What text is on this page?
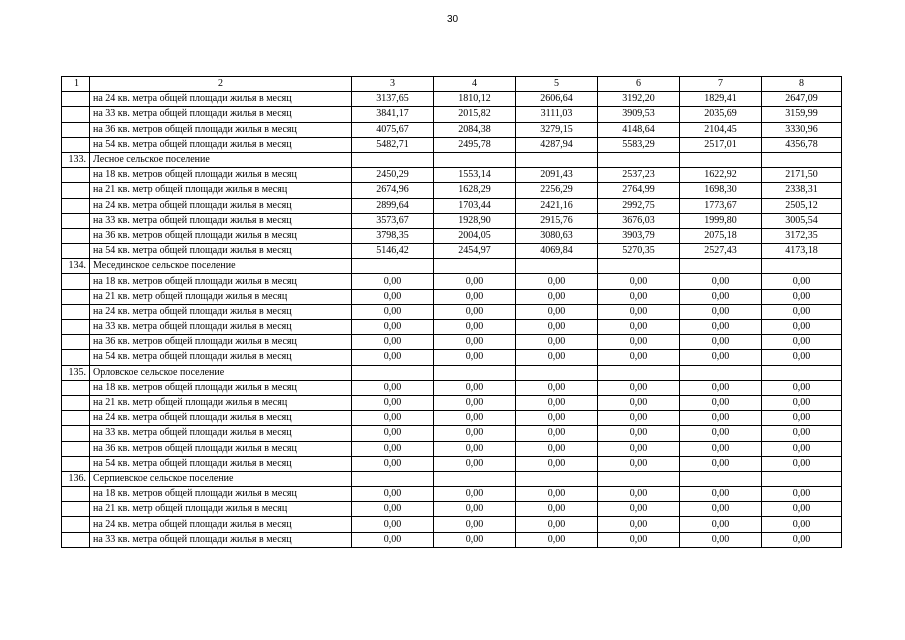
30
1	2	3	4	5	6	7	8
	на 24 кв. метра общей площади жилья в месяц	3137,65	1810,12	2606,64	3192,20	1829,41	2647,09
	на 33 кв. метра общей площади жилья в месяц	3841,17	2015,82	3111,03	3909,53	2035,69	3159,99
	на 36 кв. метров общей площади жилья в месяц	4075,67	2084,38	3279,15	4148,64	2104,45	3330,96
	на 54 кв. метра общей площади жилья в месяц	5482,71	2495,78	4287,94	5583,29	2517,01	4356,78
133.	Лесное сельское поселение						
	на 18 кв. метров общей площади жилья в месяц	2450,29	1553,14	2091,43	2537,23	1622,92	2171,50
	на 21 кв. метр общей площади жилья в месяц	2674,96	1628,29	2256,29	2764,99	1698,30	2338,31
	на 24 кв. метра общей площади жилья в месяц	2899,64	1703,44	2421,16	2992,75	1773,67	2505,12
	на 33 кв. метра общей площади жилья в месяц	3573,67	1928,90	2915,76	3676,03	1999,80	3005,54
	на 36 кв. метров общей площади жилья в месяц	3798,35	2004,05	3080,63	3903,79	2075,18	3172,35
	на 54 кв. метра общей площади жилья в месяц	5146,42	2454,97	4069,84	5270,35	2527,43	4173,18
134.	Месединское сельское поселение						
	на 18 кв. метров общей площади жилья в месяц	0,00	0,00	0,00	0,00	0,00	0,00
	на 21 кв. метр общей площади жилья в месяц	0,00	0,00	0,00	0,00	0,00	0,00
	на 24 кв. метра общей площади жилья в месяц	0,00	0,00	0,00	0,00	0,00	0,00
	на 33 кв. метра общей площади жилья в месяц	0,00	0,00	0,00	0,00	0,00	0,00
	на 36 кв. метров общей площади жилья в месяц	0,00	0,00	0,00	0,00	0,00	0,00
	на 54 кв. метра общей площади жилья в месяц	0,00	0,00	0,00	0,00	0,00	0,00
135.	Орловское сельское поселение						
	на 18 кв. метров общей площади жилья в месяц	0,00	0,00	0,00	0,00	0,00	0,00
	на 21 кв. метр общей площади жилья в месяц	0,00	0,00	0,00	0,00	0,00	0,00
	на 24 кв. метра общей площади жилья в месяц	0,00	0,00	0,00	0,00	0,00	0,00
	на 33 кв. метра общей площади жилья в месяц	0,00	0,00	0,00	0,00	0,00	0,00
	на 36 кв. метров общей площади жилья в месяц	0,00	0,00	0,00	0,00	0,00	0,00
	на 54 кв. метра общей площади жилья в месяц	0,00	0,00	0,00	0,00	0,00	0,00
136.	Серпиевское сельское поселение						
	на 18 кв. метров общей площади жилья в месяц	0,00	0,00	0,00	0,00	0,00	0,00
	на 21 кв. метр общей площади жилья в месяц	0,00	0,00	0,00	0,00	0,00	0,00
	на 24 кв. метра общей площади жилья в месяц	0,00	0,00	0,00	0,00	0,00	0,00
	на 33 кв. метра общей площади жилья в месяц	0,00	0,00	0,00	0,00	0,00	0,00
